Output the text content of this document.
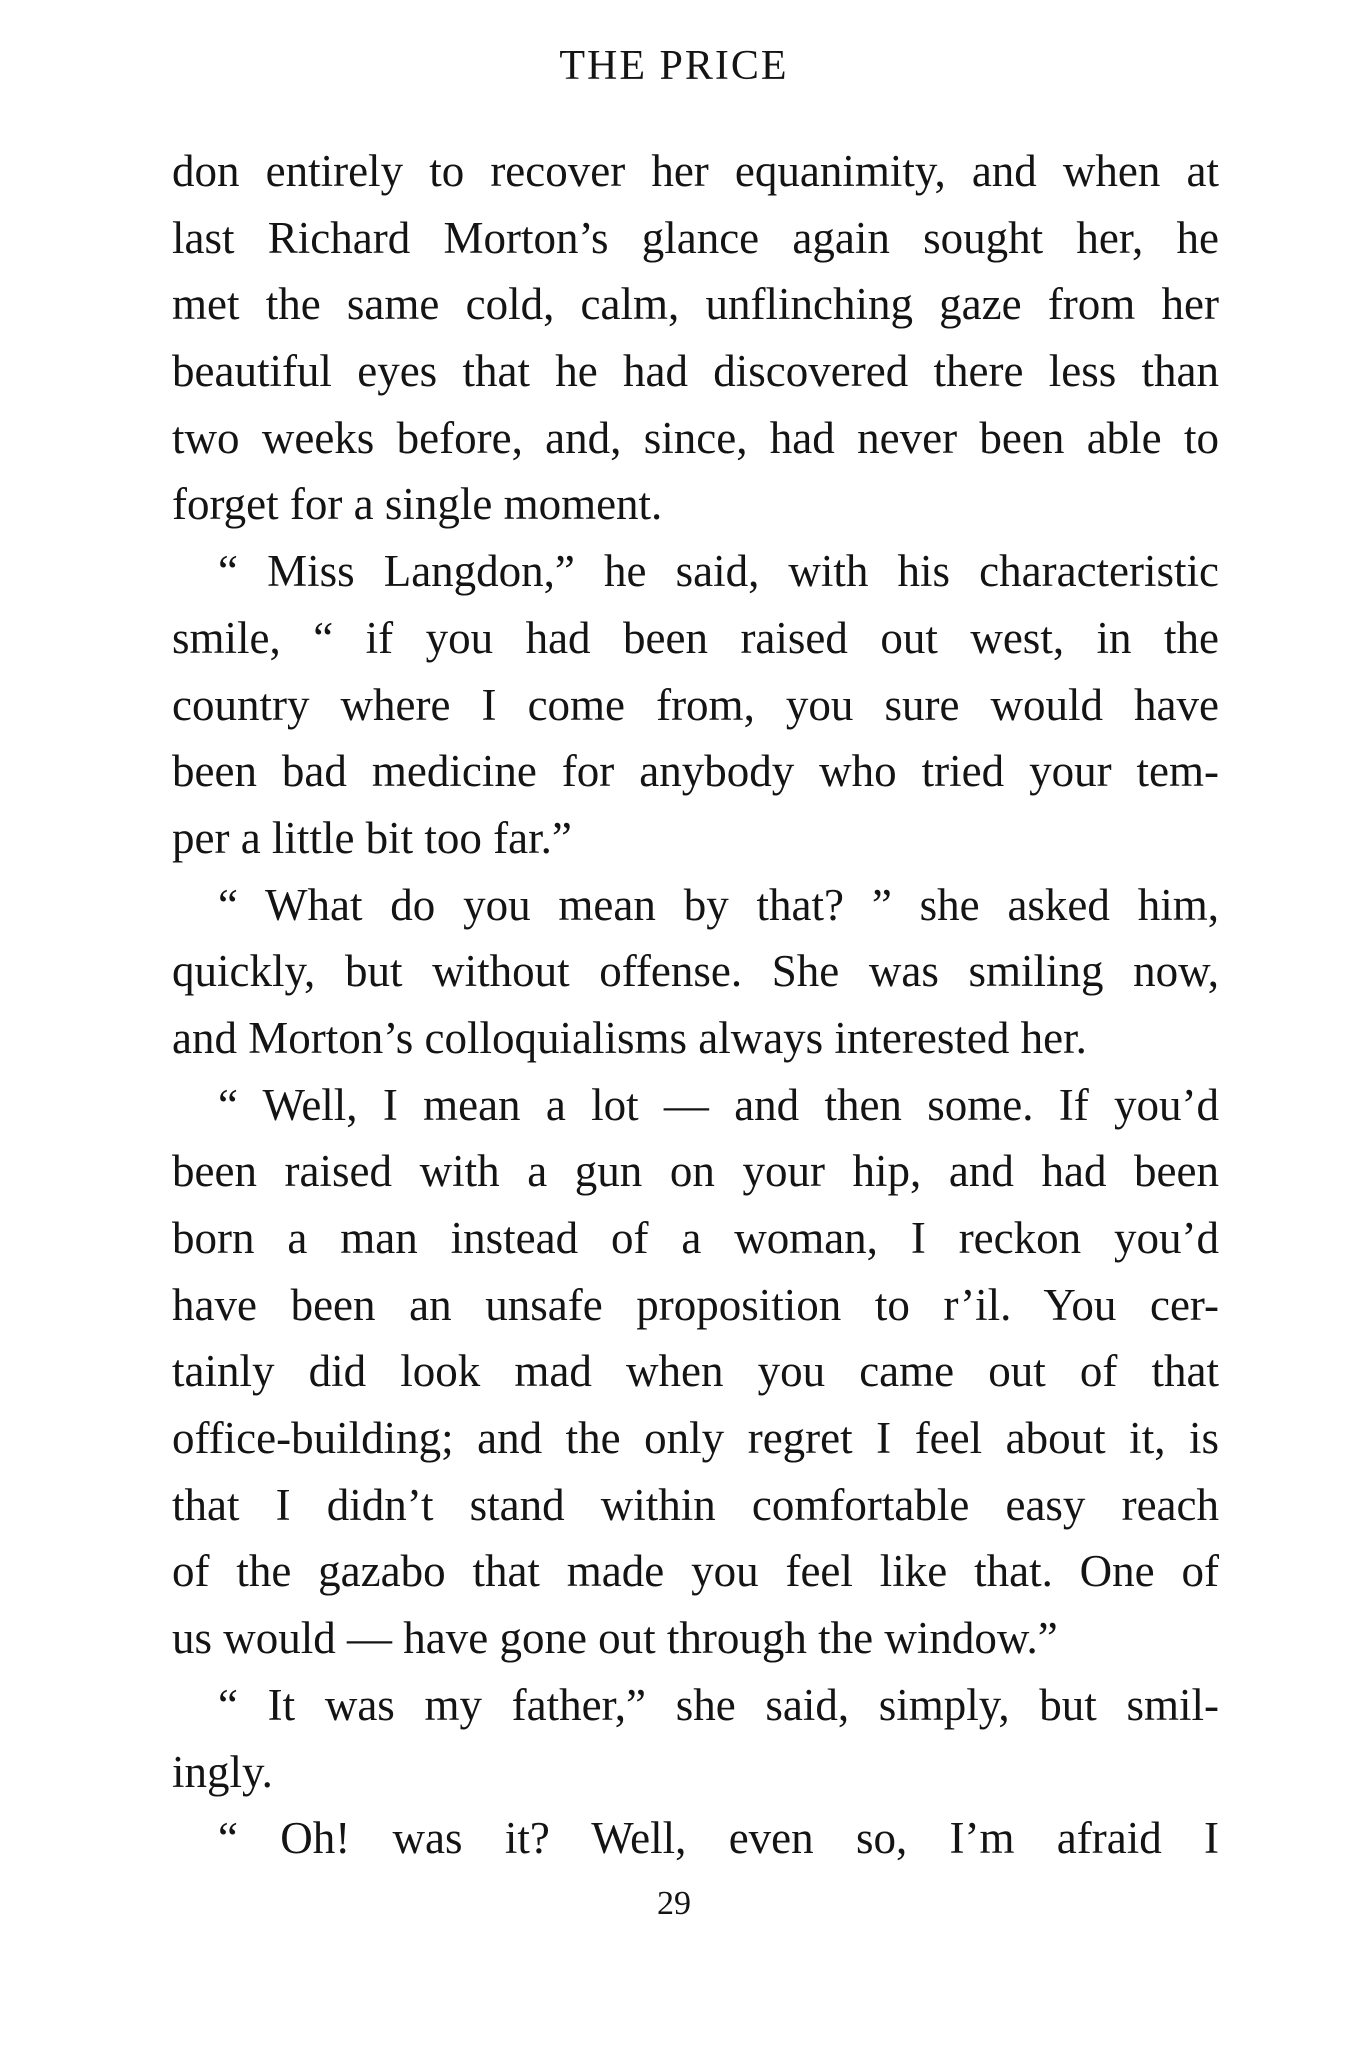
THE PRICE
don entirely to recover her equanimity, and when at
last Richard Morton’s glance again sought her, he
met the same cold, calm, unflinching gaze from her
beautiful eyes that he had discovered there less than
two weeks before, and, since, had never been able to
forget for a single moment.
“ Miss Langdon,” he said, with his characteristic
smile, “ if you had been raised out west, in the
country where I come from, you sure would have
been bad medicine for anybody who tried your tem-
per a little bit too far.”
“ What do you mean by that? ” she asked him,
quickly, but without offense. She was smiling now,
and Morton’s colloquialisms always interested her.
“ Well, I mean a lot — and then some. If you’d
been raised with a gun on your hip, and had been
born a man instead of a woman, I reckon you’d
have been an unsafe proposition to r’il. You cer-
tainly did look mad when you came out of that
office-building; and the only regret I feel about it, is
that I didn’t stand within comfortable easy reach
of the gazabo that made you feel like that. One of
us would — have gone out through the window.”
“ It was my father,” she said, simply, but smil-
ingly.
“ Oh! was it? Well, even so, I’m afraid I
29
